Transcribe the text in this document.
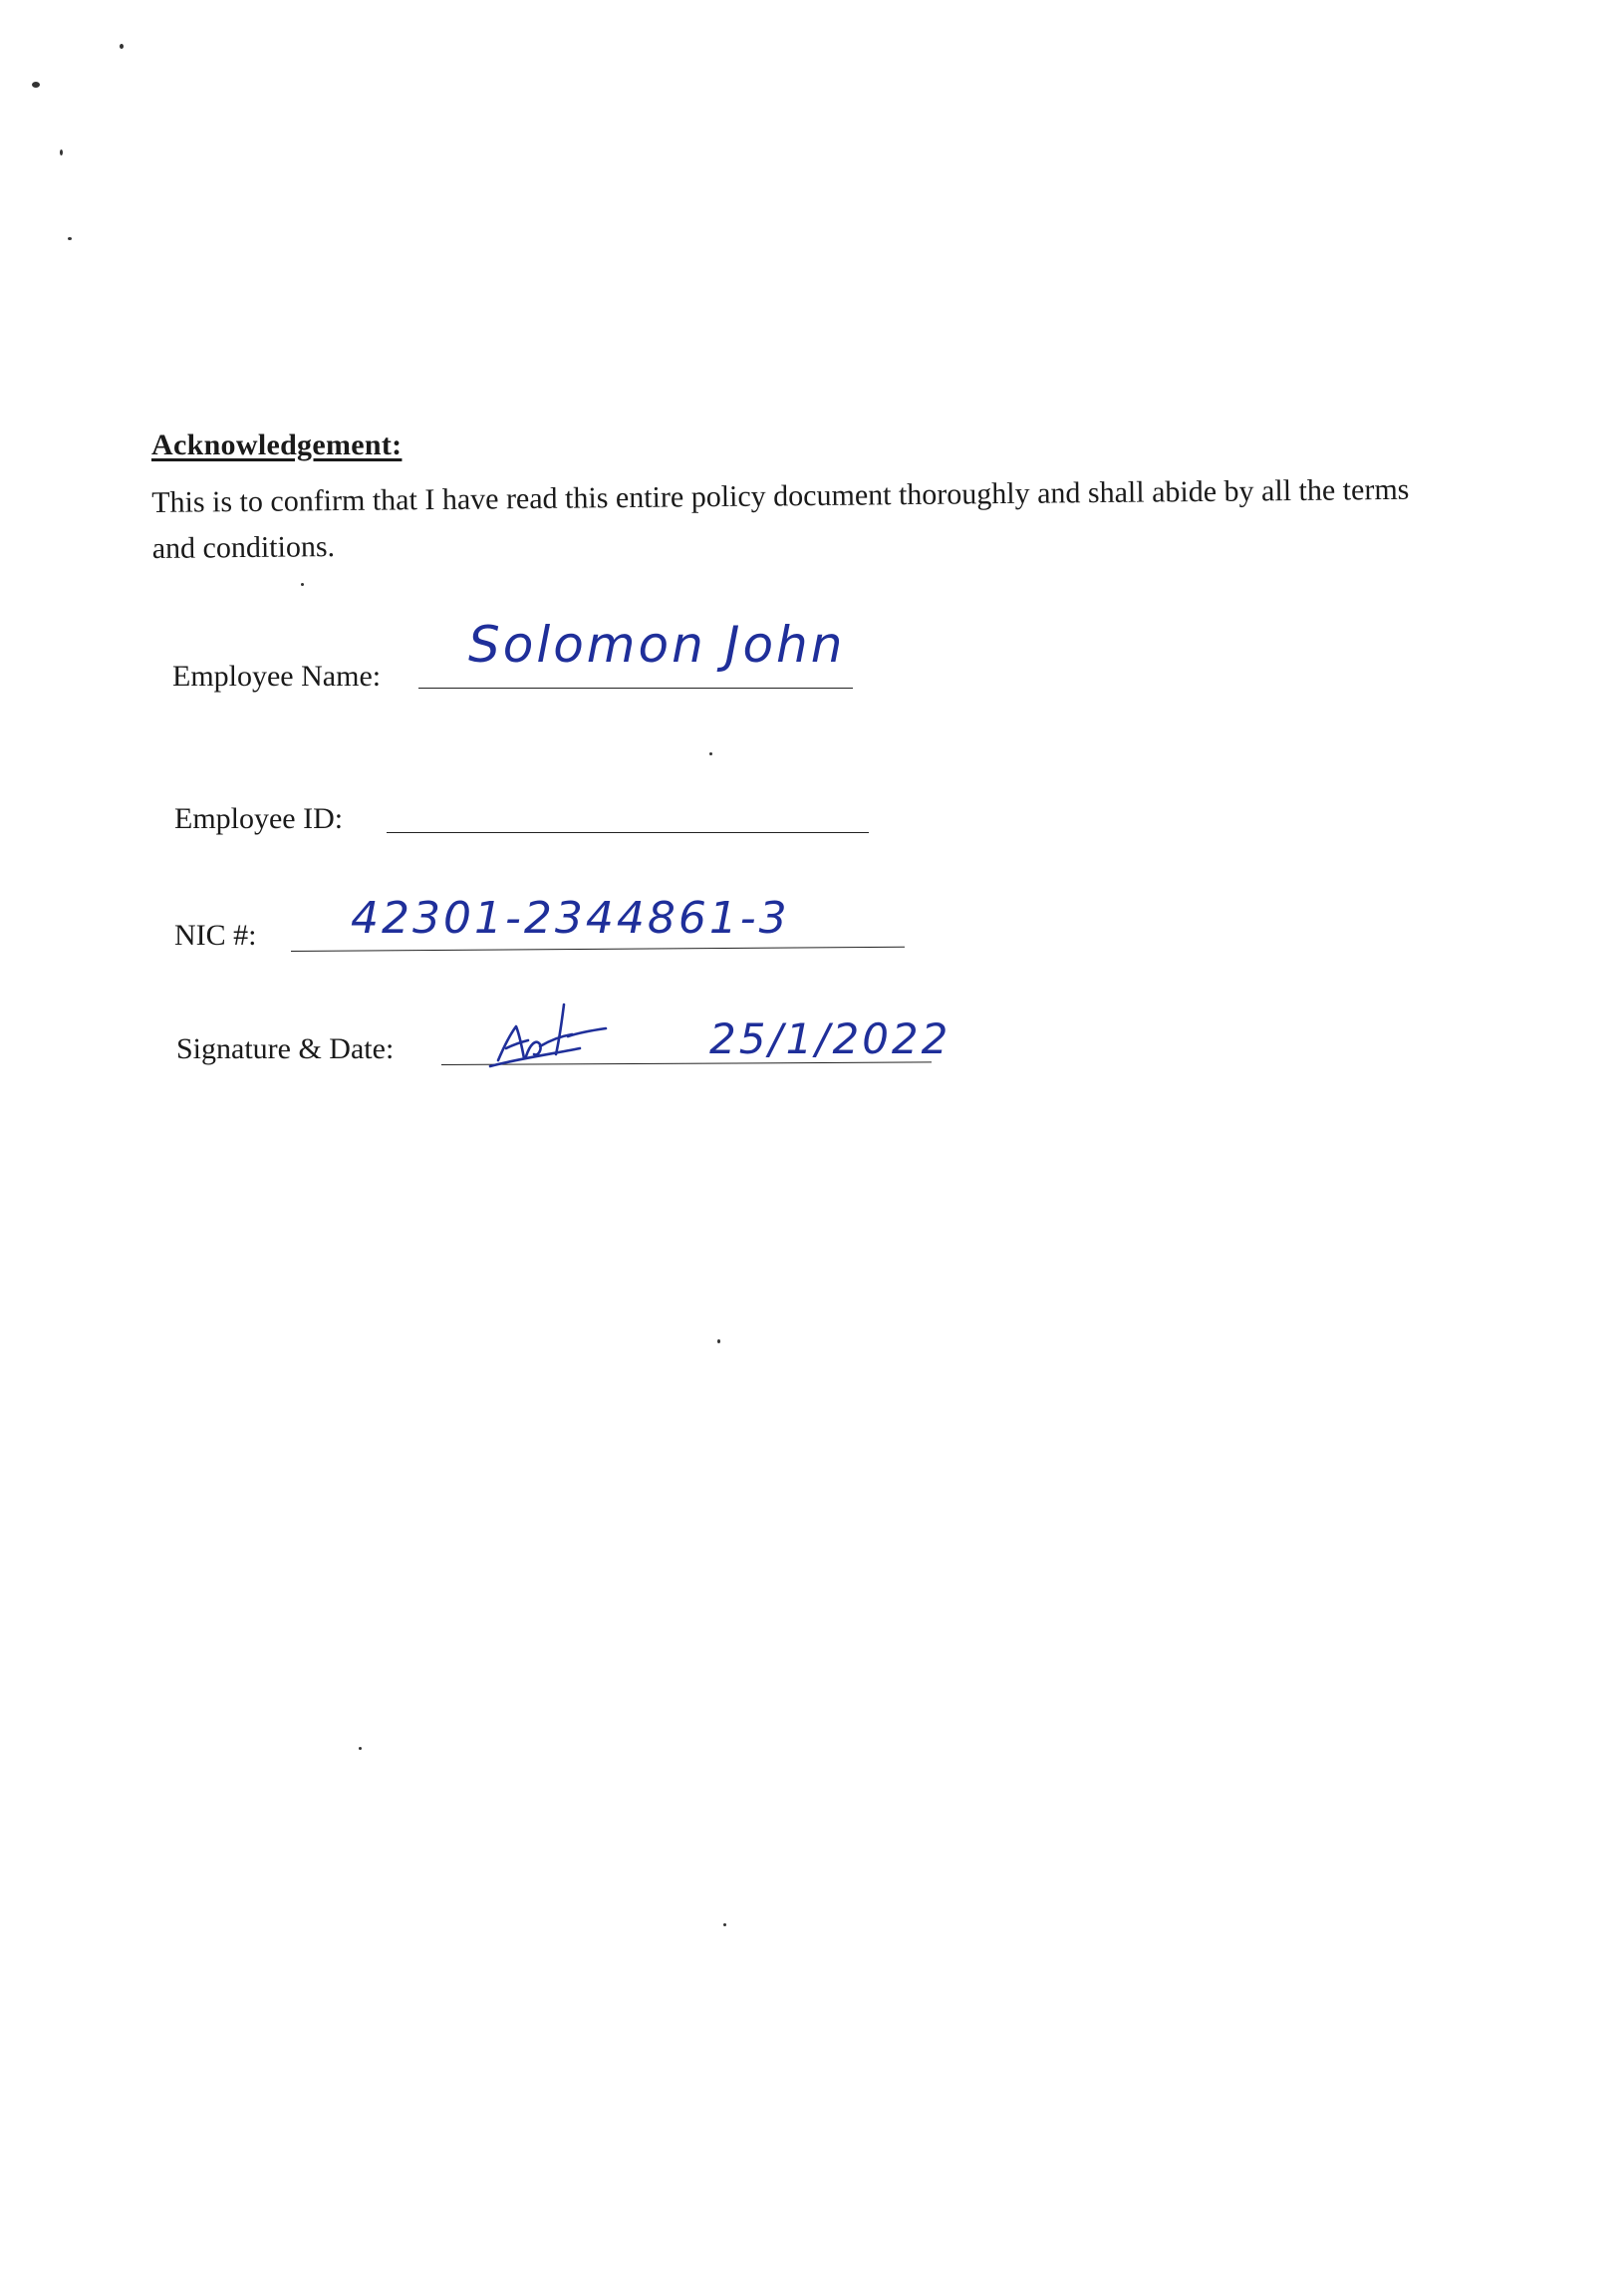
Acknowledgement:
This is to confirm that I have read this entire policy document thoroughly and shall abide by all the terms and conditions.
Employee Name:
Solomon John
Employee ID:
NIC #: 42301-2344861-3
Signature & Date:	25/1/2022
